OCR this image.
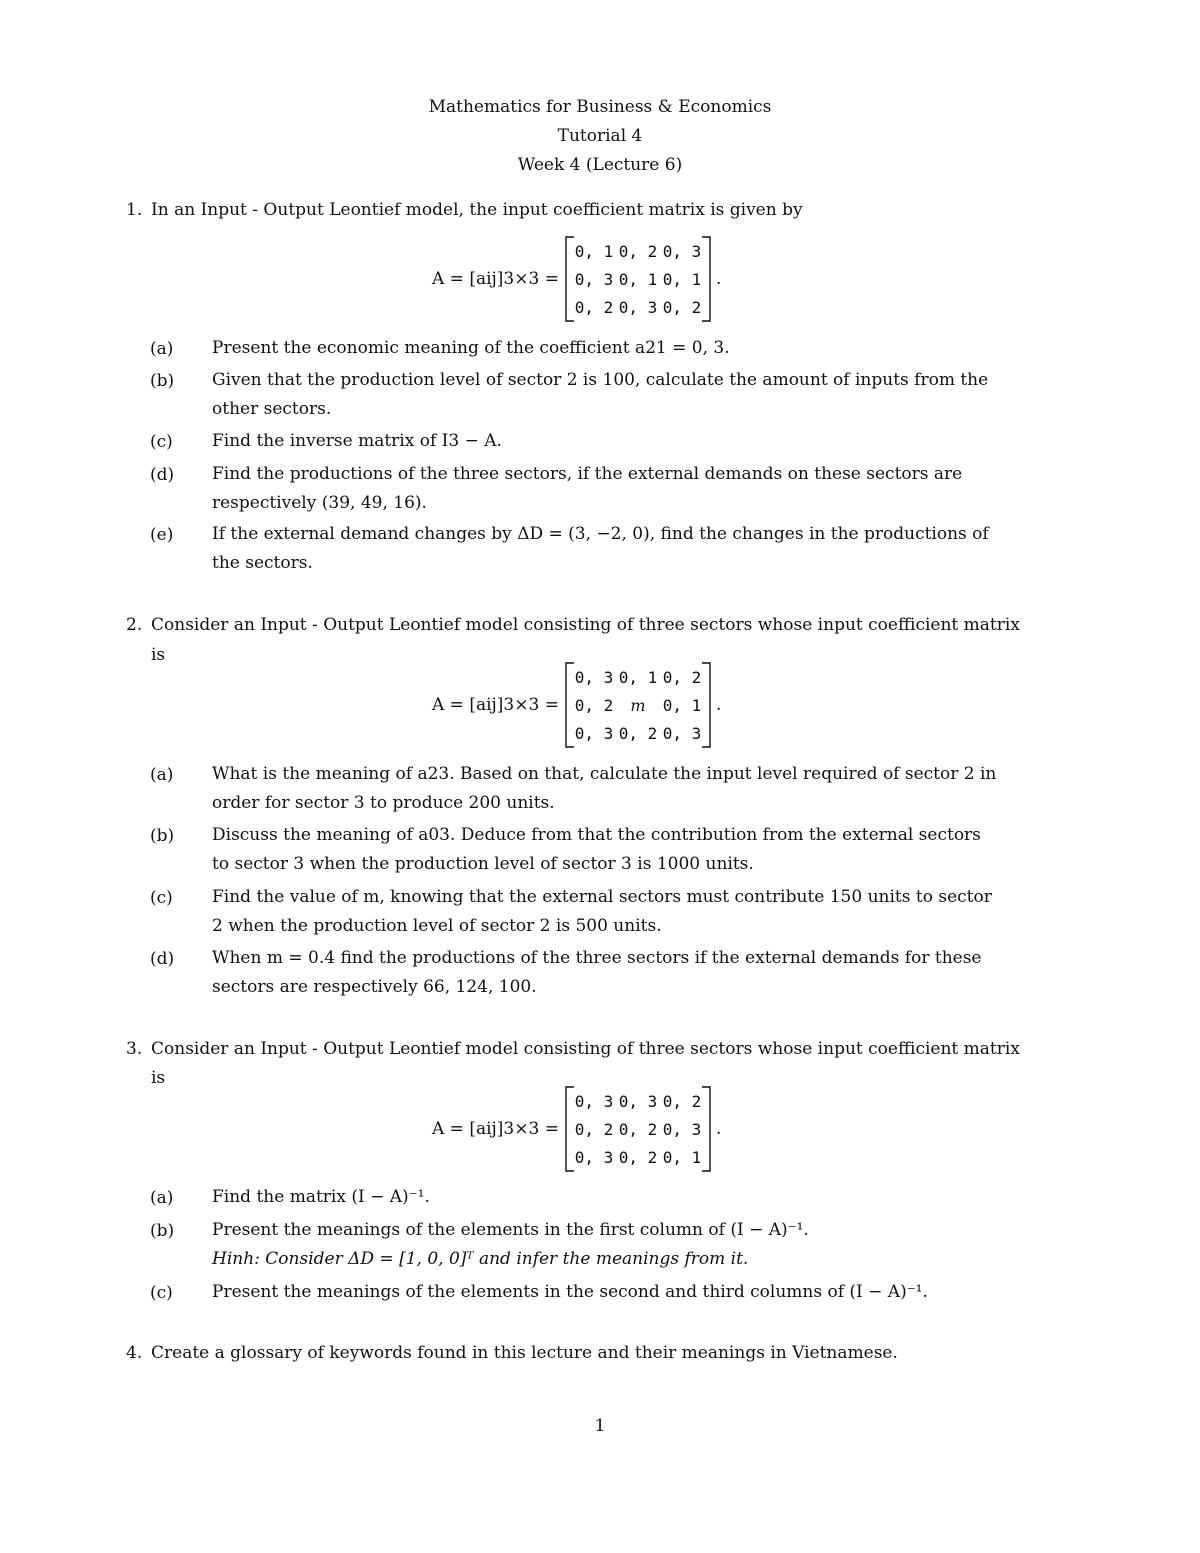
Mathematics for Business & Economics
Tutorial 4
Week 4 (Lecture 6)
1. In an Input - Output Leontief model, the input coefficient matrix is given by
A = [aij]3×3 =
0, 1 0, 2 0, 3
0, 3 0, 1 0, 1
0, 2 0, 3 0, 2
.
(a) Present the economic meaning of the coefficient a21 = 0, 3.
(b) Given that the production level of sector 2 is 100, calculate the amount of inputs from the other sectors.
(c) Find the inverse matrix of I3 − A.
(d) Find the productions of the three sectors, if the external demands on these sectors are respectively (39, 49, 16).
(e) If the external demand changes by ΔD = (3, −2, 0), find the changes in the productions of the sectors.
2. Consider an Input - Output Leontief model consisting of three sectors whose input coefficient matrix
is
A = [aij]3×3 =
0, 3 0, 1 0, 2
0, 2	m	0, 1
0, 3 0, 2 0, 3
.
(a) What is the meaning of a23. Based on that, calculate the input level required of sector 2 in order for sector 3 to produce 200 units.
(b) Discuss the meaning of a03. Deduce from that the contribution from the external sectors to sector 3 when the production level of sector 3 is 1000 units.
(c) Find the value of m, knowing that the external sectors must contribute 150 units to sector 2 when the production level of sector 2 is 500 units.
(d) When m = 0.4 find the productions of the three sectors if the external demands for these sectors are respectively 66, 124, 100.
3. Consider an Input - Output Leontief model consisting of three sectors whose input coefficient matrix
is
A = [aij]3×3 =
0, 3 0, 3 0, 2
0, 2 0, 2 0, 3
0, 3 0, 2 0, 1
.
(a) Find the matrix (I − A)⁻¹.
(b) Present the meanings of the elements in the first column of (I − A)⁻¹.
Hinh: Consider ΔD = [1, 0, 0]ᵀ and infer the meanings from it.
(c) Present the meanings of the elements in the second and third columns of (I − A)⁻¹.
4. Create a glossary of keywords found in this lecture and their meanings in Vietnamese.
1
